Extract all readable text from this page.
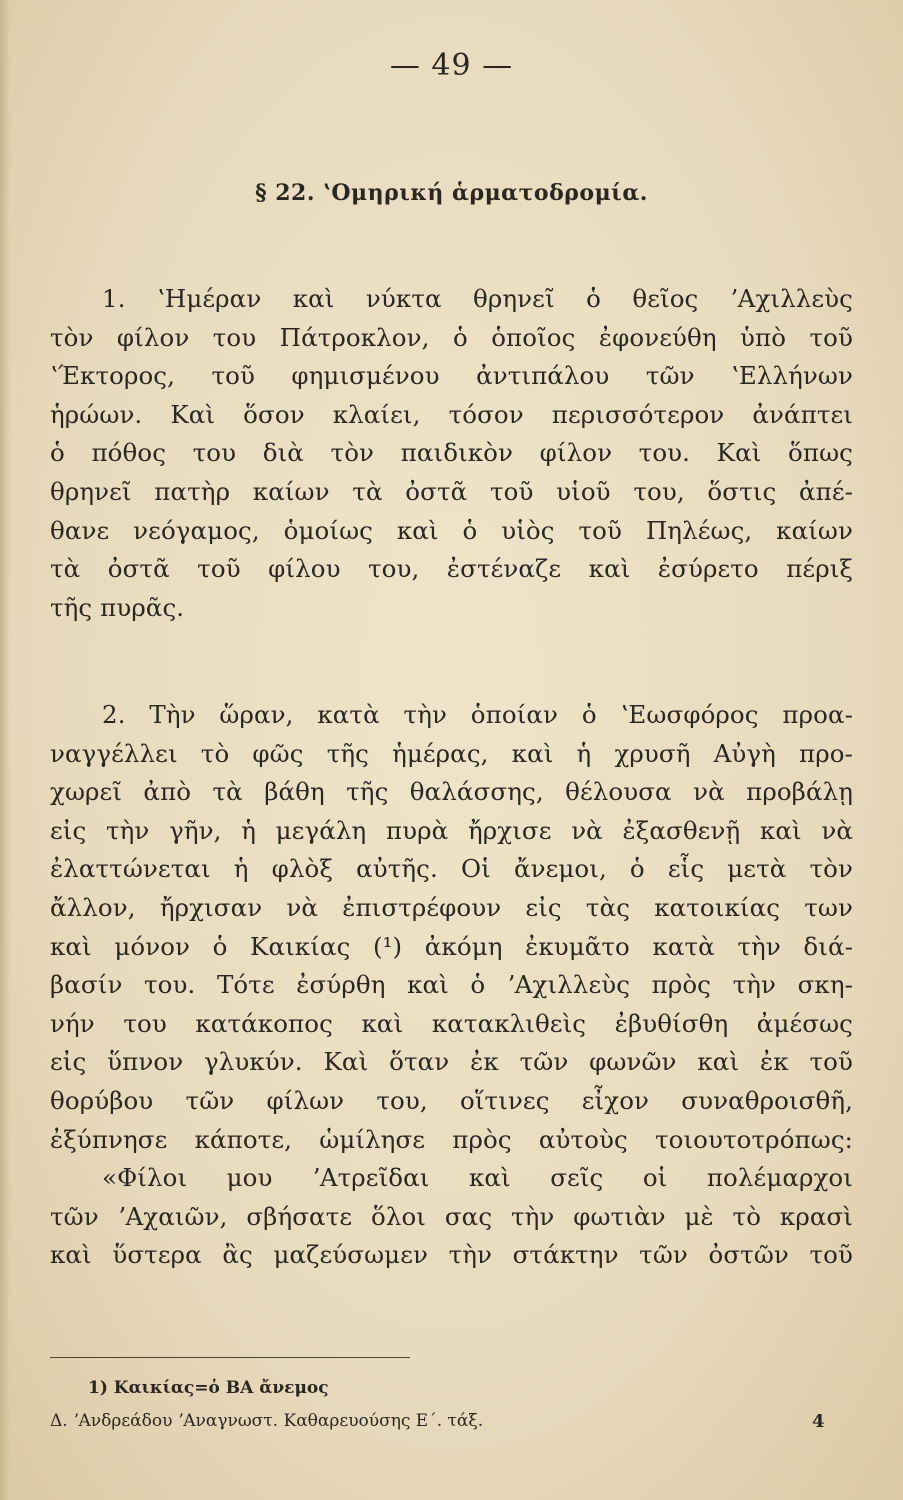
— 49 —
§ 22. ʽΟμηρική ἁρματοδρομία.
1. ʽΗμέραν καὶ νύκτα θρηνεῖ ὁ θεῖος ʼΑχιλλεὺς
τὸν φίλον του Πάτροκλον, ὁ ὁποῖος ἐφονεύθη ὑπὸ τοῦ
ʽΈκτορος, τοῦ φημισμένου ἀντιπάλου τῶν ʽΕλλήνων
ἡρώων. Καὶ ὅσον κλαίει, τόσον περισσότερον ἀνάπτει
ὁ πόθος του διὰ τὸν παιδικὸν φίλον του. Καὶ ὅπως
θρηνεῖ πατὴρ καίων τὰ ὀστᾶ τοῦ υἱοῦ του, ὅστις ἀπέ-
θανε νεόγαμος, ὁμοίως καὶ ὁ υἱὸς τοῦ Πηλέως, καίων
τὰ ὀστᾶ τοῦ φίλου του, ἐστέναζε καὶ ἐσύρετο πέριξ
τῆς πυρᾶς.
2. Τὴν ὥραν, κατὰ τὴν ὁποίαν ὁ ʽΕωσφόρος προα-
ναγγέλλει τὸ φῶς τῆς ἡμέρας, καὶ ἡ χρυσῆ Αὐγὴ προ-
χωρεῖ ἀπὸ τὰ βάθη τῆς θαλάσσης, θέλουσα νὰ προβάλῃ
εἰς τὴν γῆν, ἡ μεγάλη πυρὰ ἤρχισε νὰ ἐξασθενῇ καὶ νὰ
ἐλαττώνεται ἡ φλὸξ αὐτῆς. Οἱ ἄνεμοι, ὁ εἷς μετὰ τὸν
ἄλλον, ἤρχισαν νὰ ἐπιστρέφουν εἰς τὰς κατοικίας των
καὶ μόνον ὁ Καικίας (¹) ἀκόμη ἐκυμᾶτο κατὰ τὴν διά-
βασίν του. Τότε ἐσύρθη καὶ ὁ ʼΑχιλλεὺς πρὸς τὴν σκη-
νήν του κατάκοπος καὶ κατακλιθεὶς ἐβυθίσθη ἀμέσως
εἰς ὕπνον γλυκύν. Καὶ ὅταν ἐκ τῶν φωνῶν καὶ ἐκ τοῦ
θορύβου τῶν φίλων του, οἵτινες εἶχον συναθροισθῆ,
ἐξύπνησε κάποτε, ὡμίλησε πρὸς αὐτοὺς τοιουτοτρόπως:
«Φίλοι μου ʼΑτρεῖδαι καὶ σεῖς οἱ πολέμαρχοι
τῶν ʼΑχαιῶν, σβήσατε ὅλοι σας τὴν φωτιὰν μὲ τὸ κρασὶ
καὶ ὕστερα ἂς μαζεύσωμεν τὴν στάκτην τῶν ὀστῶν τοῦ
1) Καικίας=ὁ ΒΑ ἄνεμος
Δ. ʼΑνδρεάδου ʼΑναγνωστ. Καθαρευούσης Ε΄. τάξ.	4
